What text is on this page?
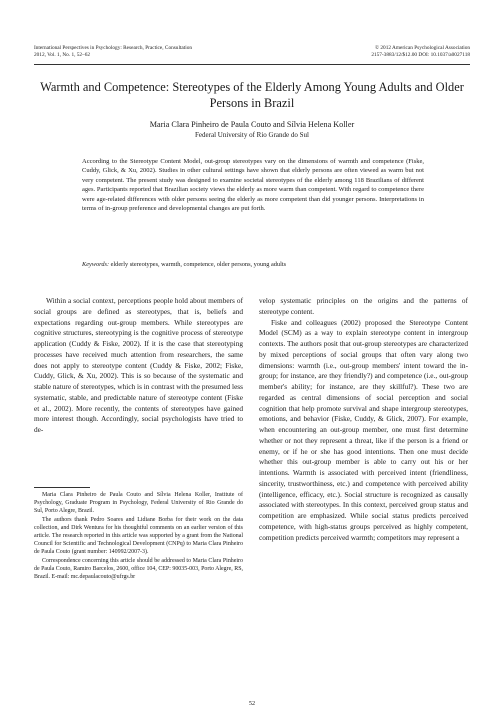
International Perspectives in Psychology: Research, Practice, Consultation
2012, Vol. 1, No. 1, 52–62
© 2012 American Psychological Association
2157-3883/12/$12.00 DOI: 10.1037/a0027118
Warmth and Competence: Stereotypes of the Elderly Among Young Adults and Older Persons in Brazil
Maria Clara Pinheiro de Paula Couto and Sílvia Helena Koller
Federal University of Rio Grande do Sul

According to the Stereotype Content Model, out-group stereotypes vary on the dimensions of warmth and competence (Fiske, Cuddy, Glick, & Xu, 2002). Studies in other cultural settings have shown that elderly persons are often viewed as warm but not very competent. The present study was designed to examine societal stereotypes of the elderly among 118 Brazilians of different ages. Participants reported that Brazilian society views the elderly as more warm than competent. With regard to competence there were age-related differences with older persons seeing the elderly as more competent than did younger persons. Interpretations in terms of in-group preference and developmental changes are put forth.

Keywords: elderly stereotypes, warmth, competence, older persons, young adults

Within a social context, perceptions people hold about members of social groups are defined as stereotypes, that is, beliefs and expectations regarding out-group members. While stereotypes are cognitive structures, stereotyping is the cognitive process of stereotype application (Cuddy & Fiske, 2002). If it is the case that stereotyping processes have received much attention from researchers, the same does not apply to stereotype content (Cuddy & Fiske, 2002; Fiske, Cuddy, Glick, & Xu, 2002). This is so because of the systematic and stable nature of stereotypes, which is in contrast with the presumed less systematic, stable, and predictable nature of stereotype content (Fiske et al., 2002). More recently, the contents of stereotypes have gained more interest though. Accordingly, social psychologists have tried to de-

Maria Clara Pinheiro de Paula Couto and Sílvia Helena Koller, Institute of Psychology, Graduate Program in Psychology, Federal University of Rio Grande do Sul, Porto Alegre, Brazil.

The authors thank Pedro Soares and Lidiane Borba for their work on the data collection, and Dirk Wentura for his thoughtful comments on an earlier version of this article. The research reported in this article was supported by a grant from the National Council for Scientific and Technological Development (CNPq) to Maria Clara Pinheiro de Paula Couto (grant number: 140992/2007-3).

Correspondence concerning this article should be addressed to Maria Clara Pinheiro de Paula Couto, Ramiro Barcelos, 2600, office 104, CEP: 90035-003, Porto Alegre, RS, Brazil. E-mail: mc.depaulacouto@ufrgs.br

velop systematic principles on the origins and the patterns of stereotype content.

Fiske and colleagues (2002) proposed the Stereotype Content Model (SCM) as a way to explain stereotype content in intergroup contexts. The authors posit that out-group stereotypes are characterized by mixed perceptions of social groups that often vary along two dimensions: warmth (i.e., out-group members' intent toward the in-group; for instance, are they friendly?) and competence (i.e., out-group member's ability; for instance, are they skillful?). These two are regarded as central dimensions of social perception and social cognition that help promote survival and shape intergroup stereotypes, emotions, and behavior (Fiske, Cuddy, & Glick, 2007). For example, when encountering an out-group member, one must first determine whether or not they represent a threat, like if the person is a friend or enemy, or if he or she has good intentions. Then one must decide whether this out-group member is able to carry out his or her intentions. Warmth is associated with perceived intent (friendliness, sincerity, trustworthiness, etc.) and competence with perceived ability (intelligence, efficacy, etc.). Social structure is recognized as causally associated with stereotypes. In this context, perceived group status and competition are emphasized. While social status predicts perceived competence, with high-status groups perceived as highly competent, competition predicts perceived warmth; competitors may represent a

52
